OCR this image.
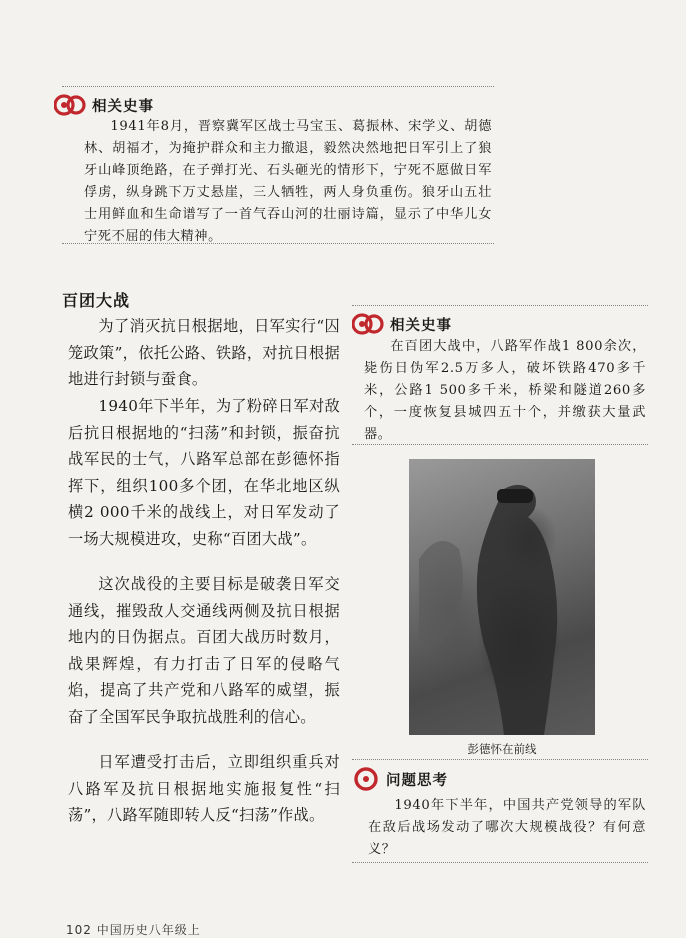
相关史事

1941年8月，晋察冀军区战士马宝玉、葛振林、宋学义、胡德林、胡福才，为掩护群众和主力撤退，毅然决然地把日军引上了狼牙山峰顶绝路，在子弹打光、石头砸光的情形下，宁死不愿做日军俘虏，纵身跳下万丈悬崖，三人牺牲，两人身负重伤。狼牙山五壮士用鲜血和生命谱写了一首气吞山河的壮丽诗篇，显示了中华儿女宁死不屈的伟大精神。

百团大战

为了消灭抗日根据地，日军实行“囚笼政策”，依托公路、铁路，对抗日根据地进行封锁与蚕食。

1940年下半年，为了粉碎日军对敌后抗日根据地的“扫荡”和封锁，振奋抗战军民的士气，八路军总部在彭德怀指挥下，组织100多个团，在华北地区纵横2 000千米的战线上，对日军发动了一场大规模进攻，史称“百团大战”。

这次战役的主要目标是破袭日军交通线，摧毁敌人交通线两侧及抗日根据地内的日伪据点。百团大战历时数月，战果辉煌，有力打击了日军的侵略气焰，提高了共产党和八路军的威望，振奋了全国军民争取抗战胜利的信心。

日军遭受打击后，立即组织重兵对八路军及抗日根据地实施报复性“扫荡”，八路军随即转人反“扫荡”作战。

相关史事

在百团大战中，八路军作战1 800余次，毙伤日伪军2.5万多人，破坏铁路470多千米，公路1 500多千米，桥梁和隧道260多个，一度恢复县城四五十个，并缴获大量武器。

彭德怀在前线

问题思考

1940年下半年，中国共产党领导的军队在敌后战场发动了哪次大规模战役？有何意义？

102 中国历史八年级上
